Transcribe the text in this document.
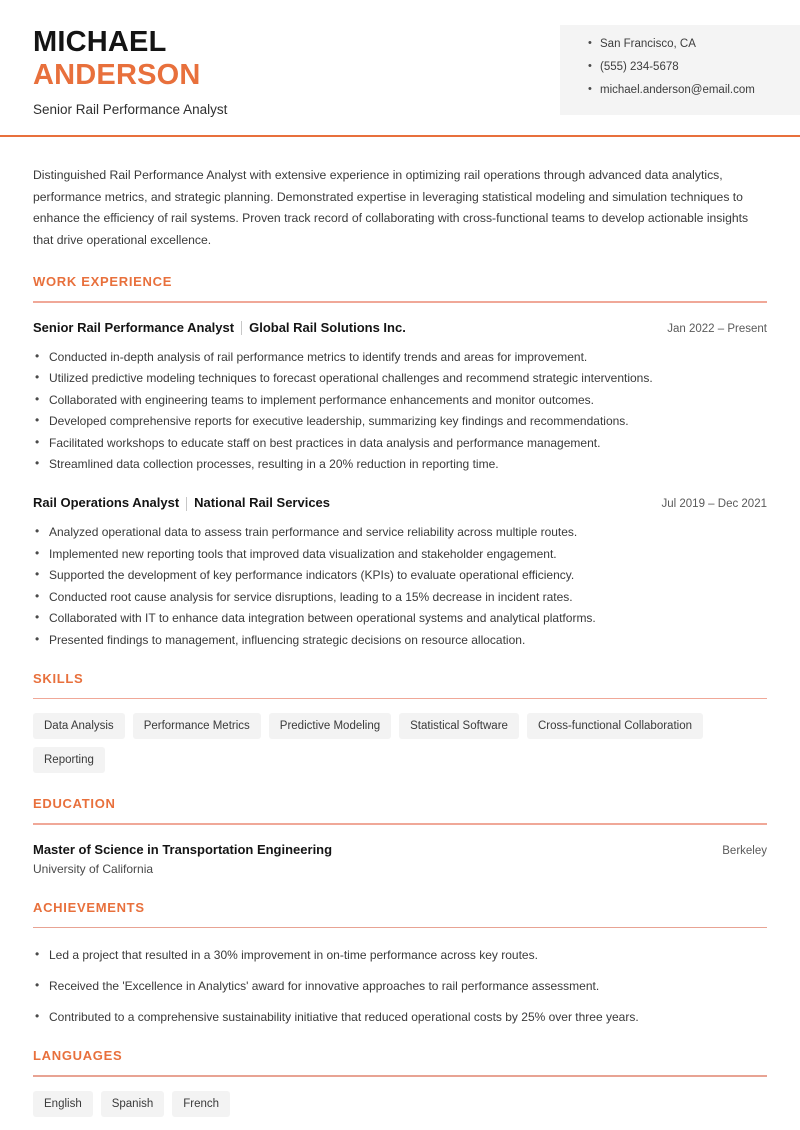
• San Francisco, CA
• (555) 234-5678
• michael.anderson@email.com
MICHAEL
ANDERSON
Senior Rail Performance Analyst
Distinguished Rail Performance Analyst with extensive experience in optimizing rail operations through advanced data analytics, performance metrics, and strategic planning. Demonstrated expertise in leveraging statistical modeling and simulation techniques to enhance the efficiency of rail systems. Proven track record of collaborating with cross-functional teams to develop actionable insights that drive operational excellence.
WORK EXPERIENCE
Senior Rail Performance Analyst Global Rail Solutions Inc.	Jan 2022 – Present
• Conducted in-depth analysis of rail performance metrics to identify trends and areas for improvement.
• Utilized predictive modeling techniques to forecast operational challenges and recommend strategic interventions.
• Collaborated with engineering teams to implement performance enhancements and monitor outcomes.
• Developed comprehensive reports for executive leadership, summarizing key findings and recommendations.
• Facilitated workshops to educate staff on best practices in data analysis and performance management.
• Streamlined data collection processes, resulting in a 20% reduction in reporting time.
Rail Operations Analyst National Rail Services	Jul 2019 – Dec 2021
• Analyzed operational data to assess train performance and service reliability across multiple routes.
• Implemented new reporting tools that improved data visualization and stakeholder engagement.
• Supported the development of key performance indicators (KPIs) to evaluate operational efficiency.
• Conducted root cause analysis for service disruptions, leading to a 15% decrease in incident rates.
• Collaborated with IT to enhance data integration between operational systems and analytical platforms.
• Presented findings to management, influencing strategic decisions on resource allocation.
SKILLS
Data Analysis	Performance Metrics	Predictive Modeling	Statistical Software	Cross-functional Collaboration
Reporting
EDUCATION
Master of Science in Transportation Engineering	Berkeley
University of California
ACHIEVEMENTS
• Led a project that resulted in a 30% improvement in on-time performance across key routes.
• Received the 'Excellence in Analytics' award for innovative approaches to rail performance assessment.
• Contributed to a comprehensive sustainability initiative that reduced operational costs by 25% over three years.
LANGUAGES
English	Spanish	French
